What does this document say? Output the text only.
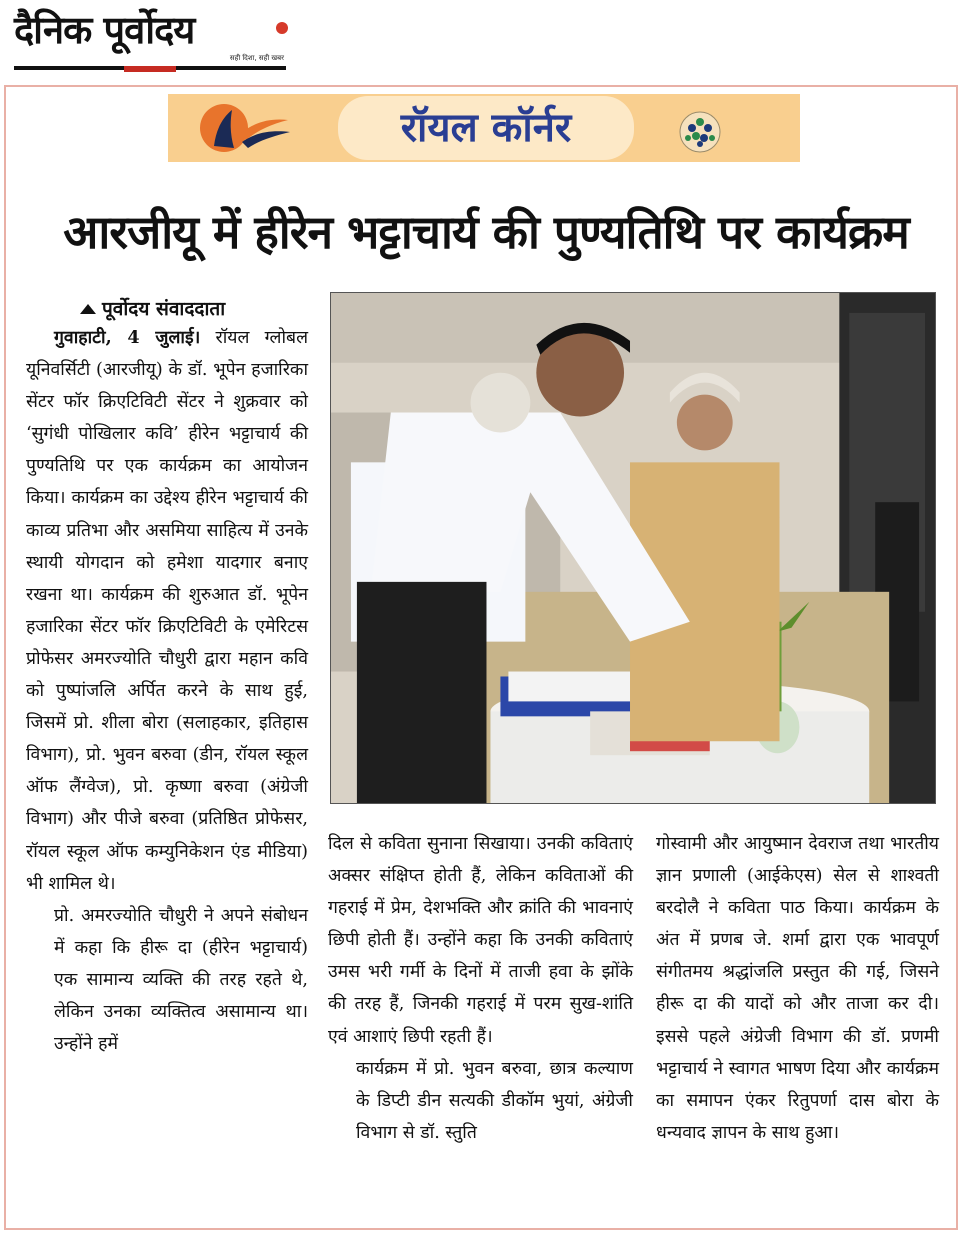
दैनिक पूर्वोदय
सही दिशा, सही खबर
रॉयल कॉर्नर
आरजीयू में हीरेन भट्टाचार्य की पुण्यतिथि पर कार्यक्रम
पूर्वोदय संवाददाता

गुवाहाटी, 4 जुलाई। रॉयल ग्लोबल यूनिवर्सिटी (आरजीयू) के डॉ. भूपेन हजारिका सेंटर फॉर क्रिएटिविटी सेंटर ने शुक्रवार को ‘सुगंधी पोखिलार कवि’ हीरेन भट्टाचार्य की पुण्यतिथि पर एक कार्यक्रम का आयोजन किया। कार्यक्रम का उद्देश्य हीरेन भट्टाचार्य की काव्य प्रतिभा और असमिया साहित्य में उनके स्थायी योगदान को हमेशा यादगार बनाए रखना था। कार्यक्रम की शुरुआत डॉ. भूपेन हजारिका सेंटर फॉर क्रिएटिविटी के एमेरिटस प्रोफेसर अमरज्योति चौधुरी द्वारा महान कवि को पुष्पांजलि अर्पित करने के साथ हुई, जिसमें प्रो. शीला बोरा (सलाहकार, इतिहास विभाग), प्रो. भुवन बरुवा (डीन, रॉयल स्कूल ऑफ लैंग्वेज), प्रो. कृष्णा बरुवा (अंग्रेजी विभाग) और पीजे बरुवा (प्रतिष्ठित प्रोफेसर, रॉयल स्कूल ऑफ कम्युनिकेशन एंड मीडिया) भी शामिल थे।

प्रो. अमरज्योति चौधुरी ने अपने संबोधन में कहा कि हीरू दा (हीरेन भट्टाचार्य) एक सामान्य व्यक्ति की तरह रहते थे, लेकिन उनका व्यक्तित्व असामान्य था। उन्होंने हमें

दिल से कविता सुनाना सिखाया। उनकी कविताएं अक्सर संक्षिप्त होती हैं, लेकिन कविताओं की गहराई में प्रेम, देशभक्ति और क्रांति की भावनाएं छिपी होती हैं। उन्होंने कहा कि उनकी कविताएं उमस भरी गर्मी के दिनों में ताजी हवा के झोंके की तरह हैं, जिनकी गहराई में परम सुख-शांति एवं आशाएं छिपी रहती हैं।

कार्यक्रम में प्रो. भुवन बरुवा, छात्र कल्याण के डिप्टी डीन सत्यकी डीकॉम भुयां, अंग्रेजी विभाग से डॉ. स्तुति

गोस्वामी और आयुष्मान देवराज तथा भारतीय ज्ञान प्रणाली (आईकेएस) सेल से शाश्वती बरदोलै ने कविता पाठ किया। कार्यक्रम के अंत में प्रणब जे. शर्मा द्वारा एक भावपूर्ण संगीतमय श्रद्धांजलि प्रस्तुत की गई, जिसने हीरू दा की यादों को और ताजा कर दी। इससे पहले अंग्रेजी विभाग की डॉ. प्रणमी भट्टाचार्य ने स्वागत भाषण दिया और कार्यक्रम का समापन एंकर रितुपर्णा दास बोरा के धन्यवाद ज्ञापन के साथ हुआ।
